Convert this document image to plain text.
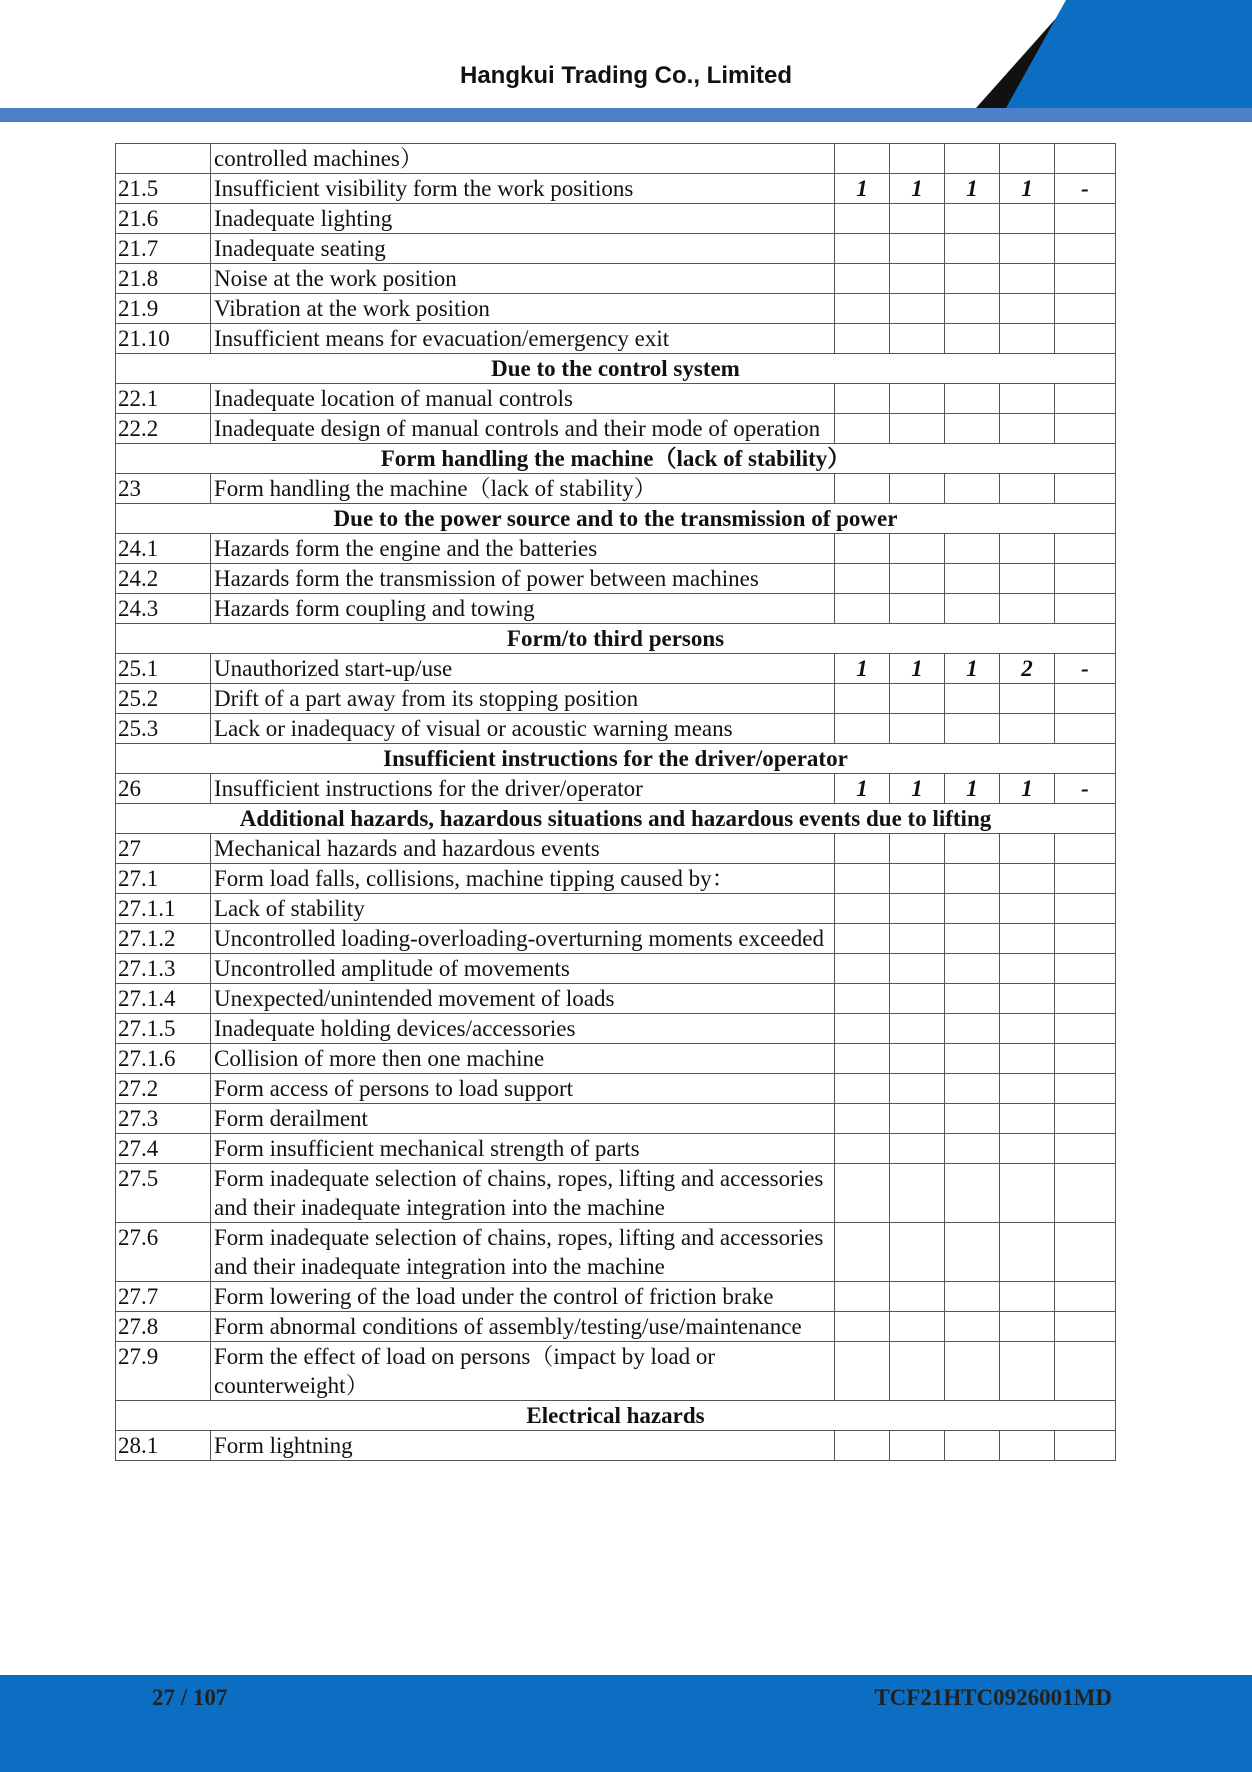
Hangkui Trading Co., Limited
	controlled machines）					
21.5	Insufficient visibility form the work positions	1	1	1	1	-
21.6	Inadequate lighting					
21.7	Inadequate seating					
21.8	Noise at the work position					
21.9	Vibration at the work position					
21.10	Insufficient means for evacuation/emergency exit					
Due to the control system						
22.1	Inadequate location of manual controls					
22.2	Inadequate design of manual controls and their mode of operation					
Form handling the machine（lack of stability）						
23	Form handling the machine（lack of stability）					
Due to the power source and to the transmission of power						
24.1	Hazards form the engine and the batteries					
24.2	Hazards form the transmission of power between machines					
24.3	Hazards form coupling and towing					
Form/to third persons						
25.1	Unauthorized start-up/use	1	1	1	2	-
25.2	Drift of a part away from its stopping position					
25.3	Lack or inadequacy of visual or acoustic warning means					
Insufficient instructions for the driver/operator						
26	Insufficient instructions for the driver/operator	1	1	1	1	-
Additional hazards, hazardous situations and hazardous events due to lifting						
27	Mechanical hazards and hazardous events					
27.1	Form load falls, collisions, machine tipping caused by：					
27.1.1	Lack of stability					
27.1.2	Uncontrolled loading-overloading-overturning moments exceeded					
27.1.3	Uncontrolled amplitude of movements					
27.1.4	Unexpected/unintended movement of loads					
27.1.5	Inadequate holding devices/accessories					
27.1.6	Collision of more then one machine					
27.2	Form access of persons to load support					
27.3	Form derailment					
27.4	Form insufficient mechanical strength of parts					
27.5	Form inadequate selection of chains, ropes, lifting and accessories and their inadequate integration into the machine					
27.6	Form inadequate selection of chains, ropes, lifting and accessories and their inadequate integration into the machine					
27.7	Form lowering of the load under the control of friction brake					
27.8	Form abnormal conditions of assembly/testing/use/maintenance					
27.9	Form the effect of load on persons（impact by load or counterweight）					
Electrical hazards						
28.1	Form lightning					
27 / 107	TCF21HTC0926001MD
